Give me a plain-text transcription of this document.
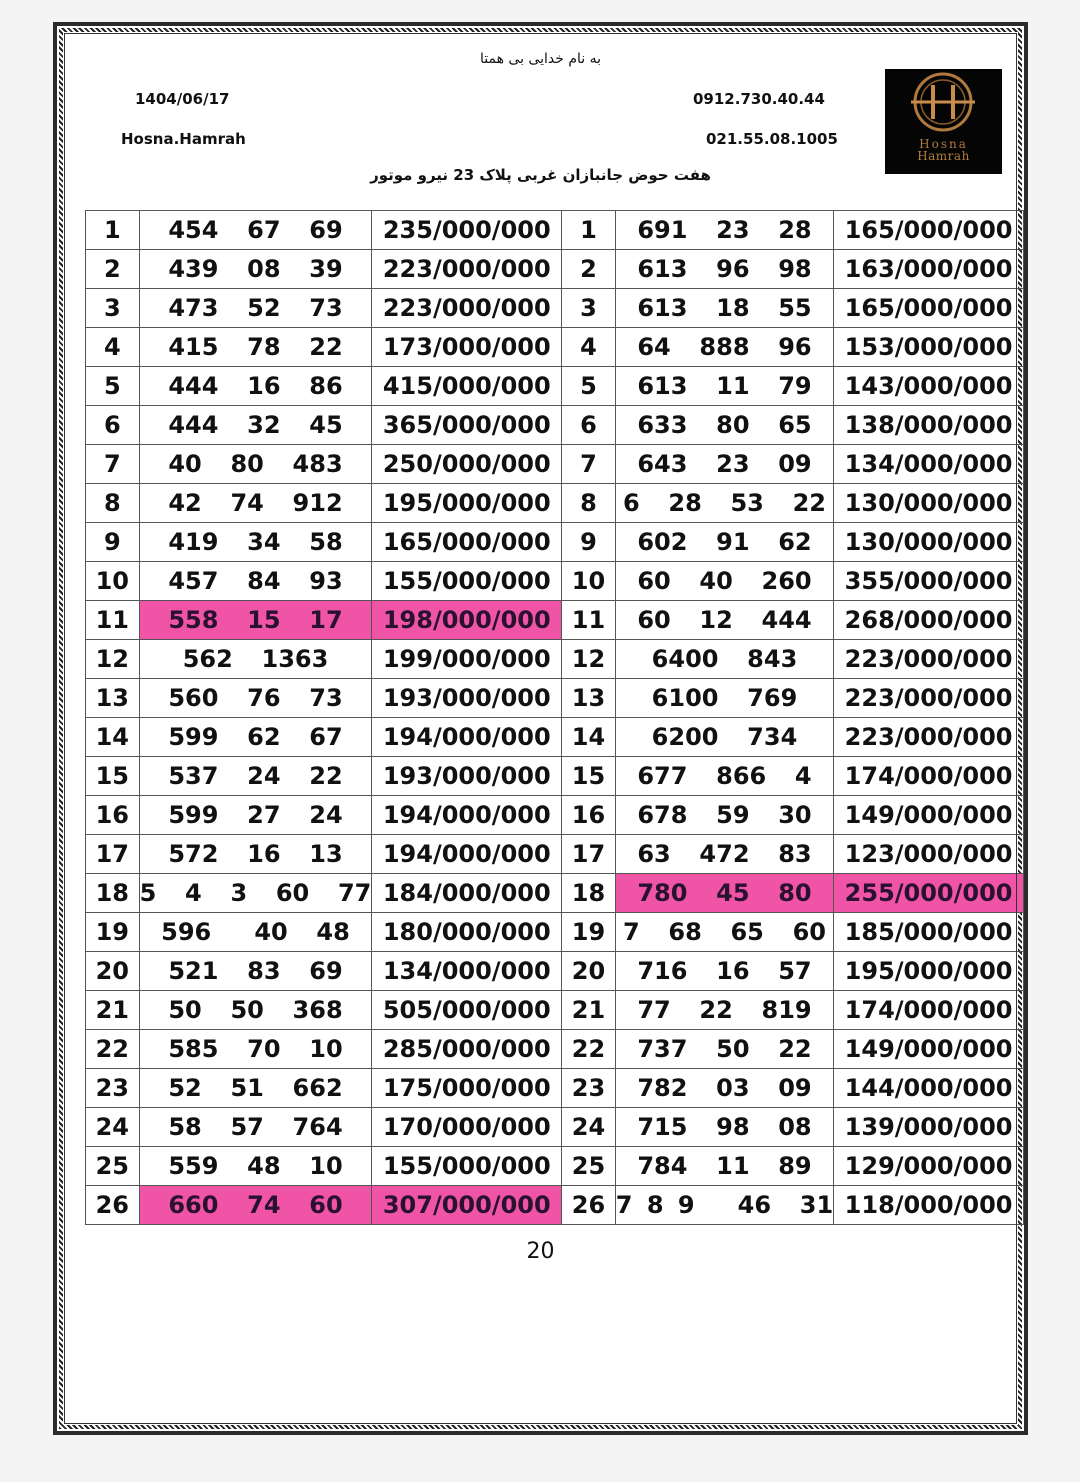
به نام خدایی بی همتا
1404/06/17
Hosna.Hamrah
0912.730.40.44
021.55.08.1005
هفت حوض جانبازان غربی پلاک 23 نیرو موتور
Hosna
Hamrah
1	454  67  69	235/000/000	1	691  23  28	165/000/000
2	439  08  39	223/000/000	2	613  96  98	163/000/000
3	473  52  73	223/000/000	3	613  18  55	165/000/000
4	415  78  22	173/000/000	4	64  888  96	153/000/000
5	444  16  86	415/000/000	5	613  11  79	143/000/000
6	444  32  45	365/000/000	6	633  80  65	138/000/000
7	40  80  483	250/000/000	7	643  23  09	134/000/000
8	42  74  912	195/000/000	8	6  28  53  22	130/000/000
9	419  34  58	165/000/000	9	602  91  62	130/000/000
10	457  84  93	155/000/000	10	60  40  260	355/000/000
11	558  15  17	198/000/000	11	60  12  444	268/000/000
12	562  1363	199/000/000	12	6400  843	223/000/000
13	560  76  73	193/000/000	13	6100  769	223/000/000
14	599  62  67	194/000/000	14	6200  734	223/000/000
15	537  24  22	193/000/000	15	677  866  4	174/000/000
16	599  27  24	194/000/000	16	678  59  30	149/000/000
17	572  16  13	194/000/000	17	63  472  83	123/000/000
18	5  4  3  60  77	184/000/000	18	780  45  80	255/000/000
19	596   40  48	180/000/000	19	7  68  65  60	185/000/000
20	521  83  69	134/000/000	20	716  16  57	195/000/000
21	50  50  368	505/000/000	21	77  22  819	174/000/000
22	585  70  10	285/000/000	22	737  50  22	149/000/000
23	52  51  662	175/000/000	23	782  03  09	144/000/000
24	58  57  764	170/000/000	24	715  98  08	139/000/000
25	559  48  10	155/000/000	25	784  11  89	129/000/000
26	660  74  60	307/000/000	26	7 8 9   46  31	118/000/000
20
